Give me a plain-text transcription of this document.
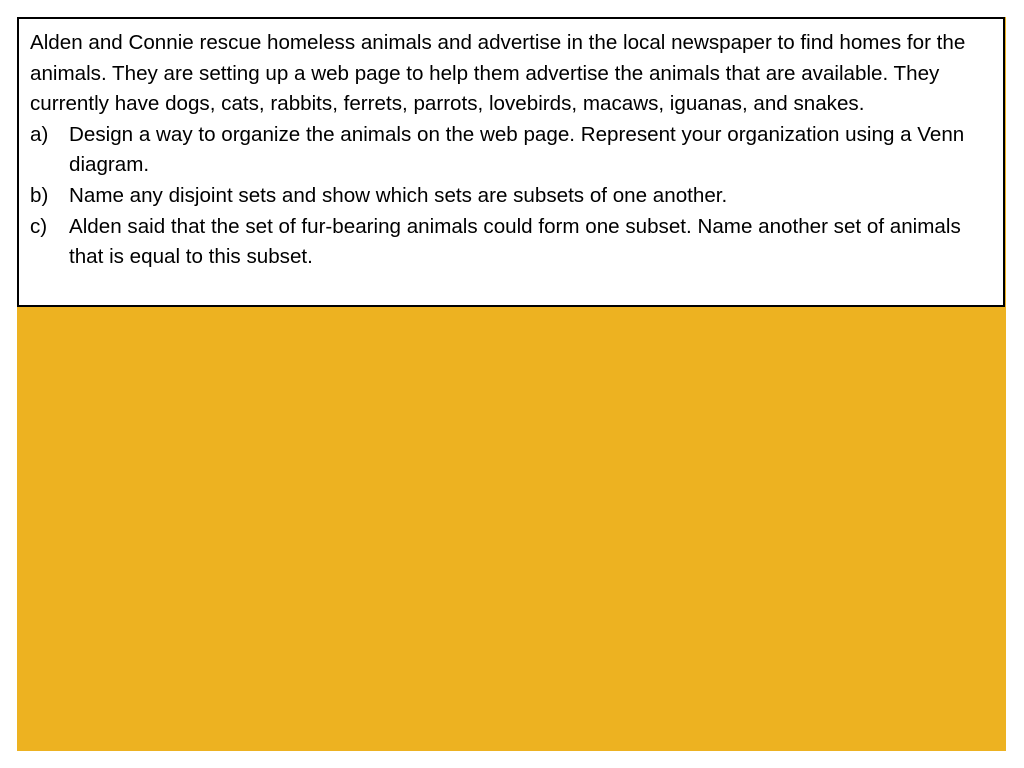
Alden and Connie rescue homeless animals and advertise in the local newspaper to find homes for the animals. They are setting up a web page to help them advertise the animals that are available. They currently have dogs, cats, rabbits, ferrets, parrots, lovebirds, macaws, iguanas, and snakes.

a) Design a way to organize the animals on the web page. Represent your organization using a Venn diagram.
b) Name any disjoint sets and show which sets are subsets of one another.
c) Alden said that the set of fur-bearing animals could form one subset. Name another set of animals that is equal to this subset.
